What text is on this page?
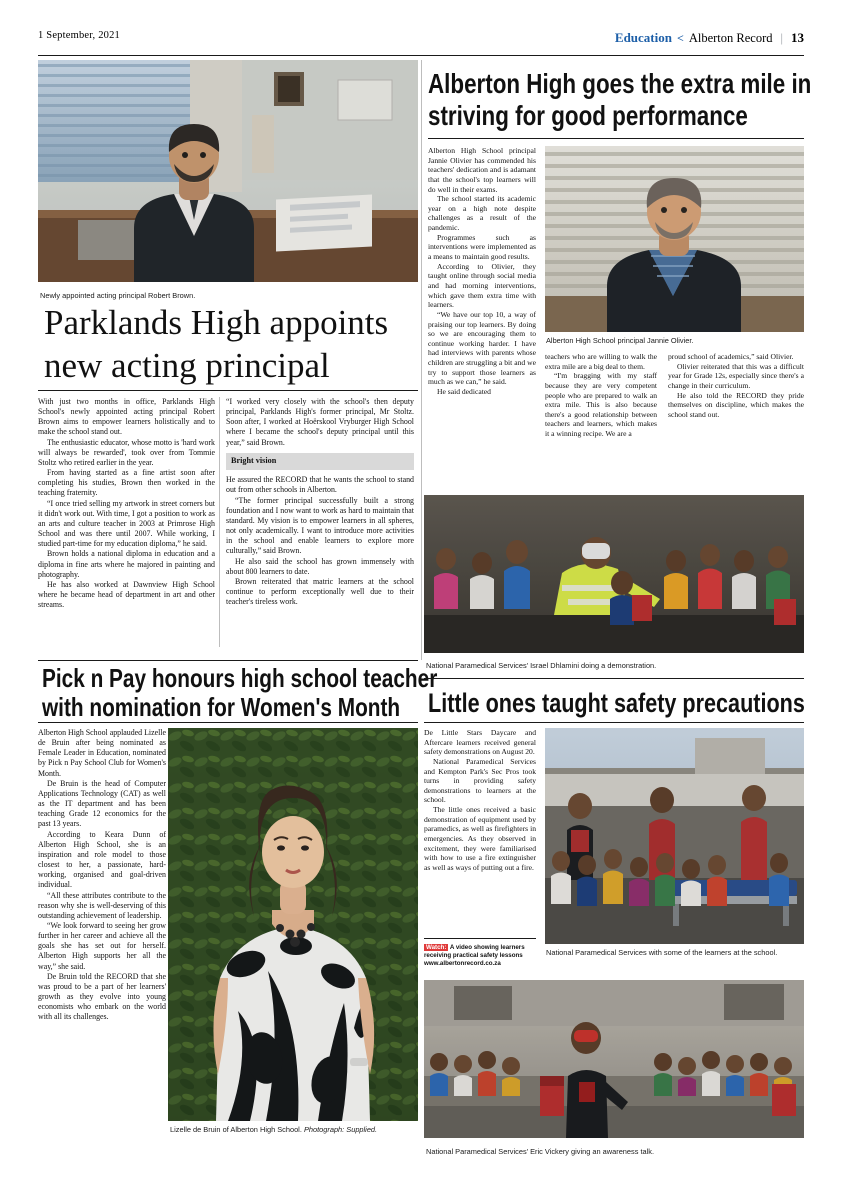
1 September, 2021	Education < Alberton Record | 13
Newly appointed acting principal Robert Brown.
Parklands High appoints
new acting principal

With just two months in office, Parklands High School's newly appointed acting principal Robert Brown aims to empower learners holistically and to make the school stand out.

The enthusiastic educator, whose motto is 'hard work will always be rewarded', took over from Tommie Stoltz who retired earlier in the year.

From having started as a fine artist soon after completing his studies, Brown then worked in the teaching fraternity.

“I once tried selling my artwork in street corners but it didn't work out. With time, I got a position to work as an arts and culture teacher in 2003 at Primrose High School and was there until 2007. While working, I studied part-time for my education diploma,” he said.

Brown holds a national diploma in education and a diploma in fine arts where he majored in painting and photography.

He has also worked at Dawnview High School where he became head of department in art and other streams.

“I worked very closely with the school's then deputy principal, Parklands High's former principal, Mr Stoltz. Soon after, I worked at Hoërskool Vryburger High School where I became the school's deputy principal until this year,” said Brown.

Bright vision

He assured the RECORD that he wants the school to stand out from other schools in Alberton.

“The former principal successfully built a strong foundation and I now want to work as hard to maintain that standard. My vision is to empower learners in all spheres, not only academically. I want to introduce more activities in the school and enable learners to explore more culturally,” said Brown.

He also said the school has grown immensely with about 800 learners to date.

Brown reiterated that matric learners at the school continue to perform exceptionally well due to their teacher's tireless work.

Alberton High goes the extra mile in
striving for good performance

Alberton High School principal Jannie Olivier has commended his teachers' dedication and is adamant that the school's top learners will do well in their exams.

The school started its academic year on a high note despite challenges as a result of the pandemic.

Programmes such as interventions were implemented as a means to maintain good results.

According to Olivier, they taught online through social media and had morning interventions, which gave them extra time with learners.

“We have our top 10, a way of praising our top learners. By doing so we are encouraging them to continue working harder. I have had interviews with parents whose children are struggling a bit and we try to support those learners as much as we can,” he said.

He said dedicated

Alberton High School principal Jannie Olivier.

teachers who are willing to walk the extra mile are a big deal to them.

“I'm bragging with my staff because they are very competent people who are prepared to walk an extra mile. This is also because there's a good relationship between teachers and learners, which makes it a winning recipe. We are a

proud school of academics,” said Olivier.

Olivier reiterated that this was a difficult year for Grade 12s, especially since there's a change in their curriculum.

He also told the RECORD they pride themselves on discipline, which makes the school stand out.

National Paramedical Services' Israel Dhlamini doing a demonstration.
Pick n Pay honours high school teacher
with nomination for Women's Month

Alberton High School applauded Lizelle de Bruin after being nominated as Female Leader in Education, nominated by Pick n Pay School Club for Women's Month.

De Bruin is the head of Computer Applications Technology (CAT) as well as the IT department and has been teaching Grade 12 economics for the past 13 years.

According to Keara Dunn of Alberton High School, she is an inspiration and role model to those closest to her, a passionate, hard-working, organised and goal-driven individual.

“All these attributes contribute to the reason why she is well-deserving of this outstanding achievement of leadership.

“We look forward to seeing her grow further in her career and achieve all the goals she has set out for herself. Alberton High supports her all the way,” she said.

De Bruin told the RECORD that she was proud to be a part of her learners' growth as they evolve into young economists who embark on the world with all its challenges.

Lizelle de Bruin of Alberton High School. Photograph: Supplied.
Little ones taught safety precautions

De Little Stars Daycare and Aftercare learners received general safety demonstrations on August 20.

National Paramedical Services and Kempton Park's Sec Pros took turns in providing safety demonstrations to learners at the school.

The little ones received a basic demonstration of equipment used by paramedics, as well as firefighters in emergencies. As they observed in excitement, they were familiarised with how to use a fire extinguisher as well as ways of putting out a fire.

Watch: A video showing learners receiving practical safety lessons
www.albertonrecord.co.za
National Paramedical Services with some of the learners at the school.
National Paramedical Services' Eric Vickery giving an awareness talk.
